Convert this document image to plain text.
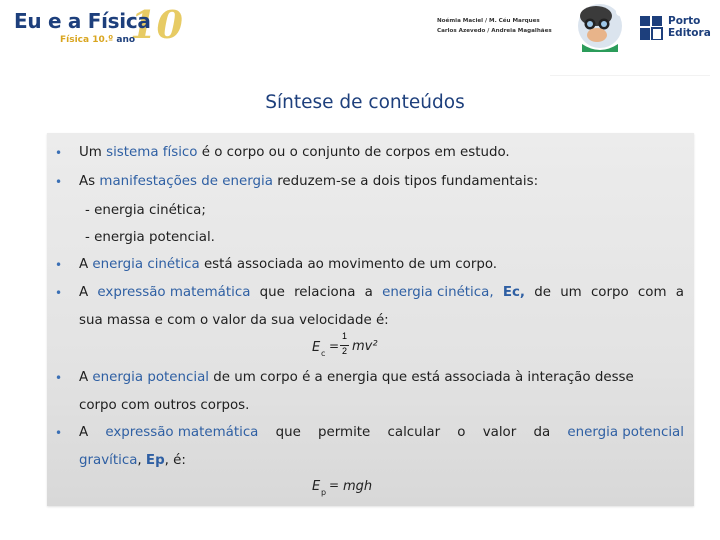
10
Eu e a Física
Física 10.º ano
Noémia Maciel / M. Céu Marques
Carlos Azevedo / Andreia Magalhães
Porto
Editora
Síntese de conteúdos
• Um sistema físico é o corpo ou o conjunto de corpos em estudo.
• As manifestações de energia reduzem-se a dois tipos fundamentais:
- energia cinética;
- energia potencial.
• A energia cinética está associada ao movimento de um corpo.
• A expressão matemática que relaciona a energia cinética, Ec, de um corpo com a
sua massa e com o valor da sua velocidade é:
E c
=
1
2 mv²
• A energia potencial de um corpo é a energia que está associada à interação desse
corpo com outros corpos.
• A expressão matemática que permite calcular o valor da energia potencial
gravítica, Ep, é:
E p
= mgh
